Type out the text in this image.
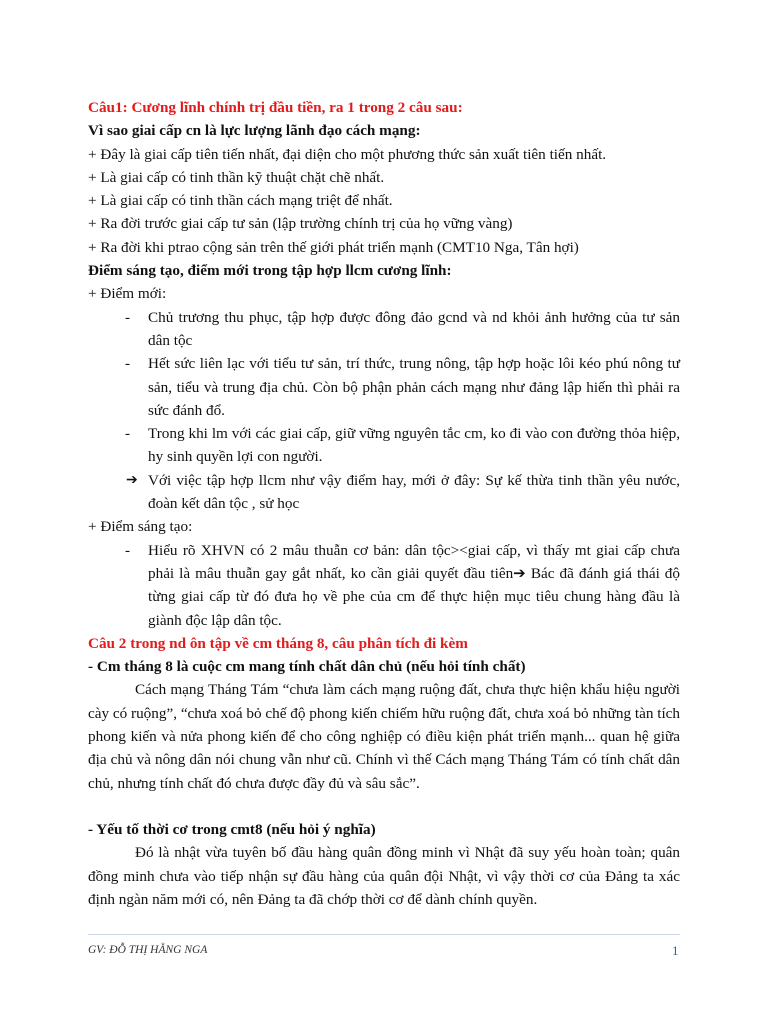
Câu1: Cương lĩnh chính trị đầu tiền, ra 1 trong 2 câu sau:
Vì sao giai cấp cn là lực lượng lãnh đạo cách mạng:
+ Đây là giai cấp tiên tiến nhất, đại diện cho một phương thức sản xuất tiên tiến nhất.
+ Là giai cấp có tinh thần kỹ thuật chặt chẽ nhất.
+ Là giai cấp có tinh thần cách mạng triệt để nhất.
+ Ra đời trước giai cấp tư sản (lập trường chính trị của họ vững vàng)
+ Ra đời khi ptrao cộng sản trên thế giới phát triển mạnh (CMT10 Nga, Tân hợi)
Điểm sáng tạo, điểm mới trong tập hợp llcm cương lĩnh:
+ Điểm mới:
- Chủ trương thu phục, tập hợp được đông đảo gcnd và nd khỏi ảnh hưởng của tư sản dân tộc
- Hết sức liên lạc với tiểu tư sản, trí thức, trung nông, tập hợp hoặc lôi kéo phú nông tư sản, tiểu và trung địa chủ. Còn bộ phận phản cách mạng như đảng lập hiến thì phải ra sức đánh đổ.
- Trong khi lm với các giai cấp, giữ vững nguyên tắc cm, ko đi vào con đường thỏa hiệp, hy sinh quyền lợi con người.
➔ Với việc tập hợp llcm như vậy điểm hay, mới ở đây: Sự kế thừa tinh thần yêu nước, đoàn kết dân tộc , sử học
+ Điểm sáng tạo:
- Hiểu rõ XHVN có 2 mâu thuẫn cơ bản: dân tộc><giai cấp, vì thấy mt giai cấp chưa phải là mâu thuẫn gay gắt nhất, ko cần giải quyết đầu tiên➔ Bác đã đánh giá thái độ từng giai cấp từ đó đưa họ về phe của cm để thực hiện mục tiêu chung hàng đầu là giành độc lập dân tộc.
Câu 2 trong nd ôn tập về cm tháng 8, câu phân tích đi kèm
- Cm tháng 8 là cuộc cm mang tính chất dân chủ (nếu hỏi tính chất)
Cách mạng Tháng Tám “chưa làm cách mạng ruộng đất, chưa thực hiện khẩu hiệu người cày có ruộng”, “chưa xoá bỏ chế độ phong kiến chiếm hữu ruộng đất, chưa xoá bỏ những tàn tích phong kiến và nửa phong kiến để cho công nghiệp có điều kiện phát triển mạnh... quan hệ giữa địa chủ và nông dân nói chung vẫn như cũ. Chính vì thế Cách mạng Tháng Tám có tính chất dân chủ, nhưng tính chất đó chưa được đầy đủ và sâu sắc”.
- Yếu tố thời cơ trong cmt8 (nếu hỏi ý nghĩa)
Đó là nhật vừa tuyên bố đầu hàng quân đồng minh vì Nhật đã suy yếu hoàn toàn; quân đồng minh chưa vào tiếp nhận sự đầu hàng của quân đội Nhật, vì vậy thời cơ của Đảng ta xác định ngàn năm mới có, nên Đảng ta đã chớp thời cơ để dành chính quyền.
GV: ĐỖ THỊ HẰNG NGA	1
